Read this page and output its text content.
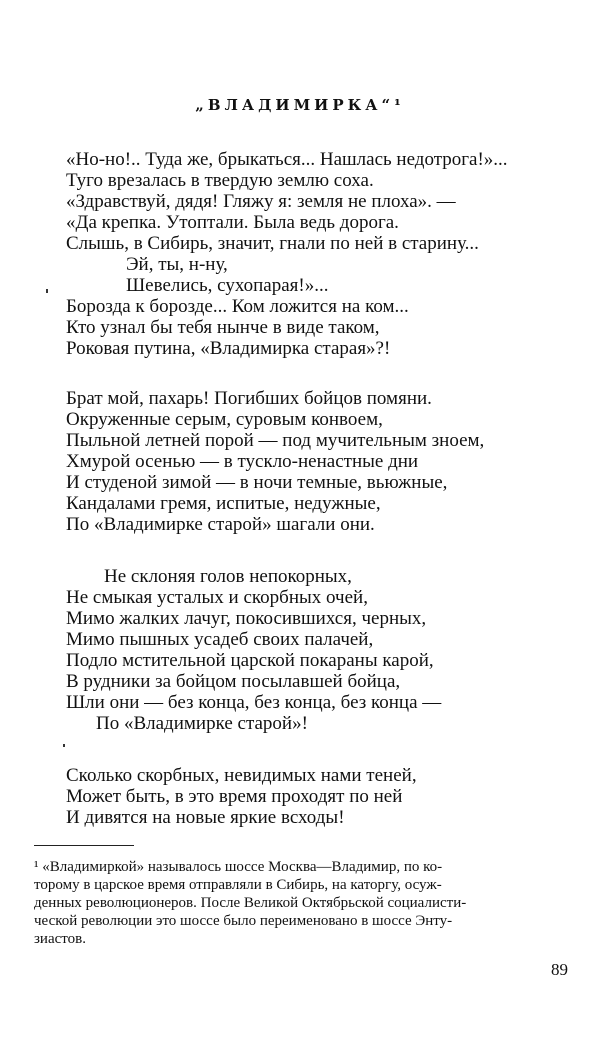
„ВЛАДИМИРКА“¹
«Но-но!.. Туда же, брыкаться... Нашлась недотрога!»...
Туго врезалась в твердую землю соха.
«Здравствуй, дядя! Гляжу я: земля не плоха». —
«Да крепка. Утоптали. Была ведь дорога.
Слышь, в Сибирь, значит, гнали по ней в старину...
Эй, ты, н-ну,
Шевелись, сухопарая!»...
Борозда к борозде... Ком ложится на ком...
Кто узнал бы тебя нынче в виде таком,
Роковая путина, «Владимирка старая»?!
Брат мой, пахарь! Погибших бойцов помяни.
Окруженные серым, суровым конвоем,
Пыльной летней порой — под мучительным зноем,
Хмурой осенью — в тускло-ненастные дни
И студеной зимой — в ночи темные, вьюжные,
Кандалами гремя, испитые, недужные,
По «Владимирке старой» шагали они.
Не склоняя голов непокорных,
Не смыкая усталых и скорбных очей,
Мимо жалких лачуг, покосившихся, черных,
Мимо пышных усадеб своих палачей,
Подло мстительной царской покараны карой,
В рудники за бойцом посылавшей бойца,
Шли они — без конца, без конца, без конца —
По «Владимирке старой»!
Сколько скорбных, невидимых нами теней,
Может быть, в это время проходят по ней
И дивятся на новые яркие всходы!
¹ «Владимиркой» называлось шоссе Москва—Владимир, по ко-
торому в царское время отправляли в Сибирь, на каторгу, осуж-
денных революционеров. После Великой Октябрьской социалисти-
ческой революции это шоссе было переименовано в шоссе Энту-
зиастов.
89
